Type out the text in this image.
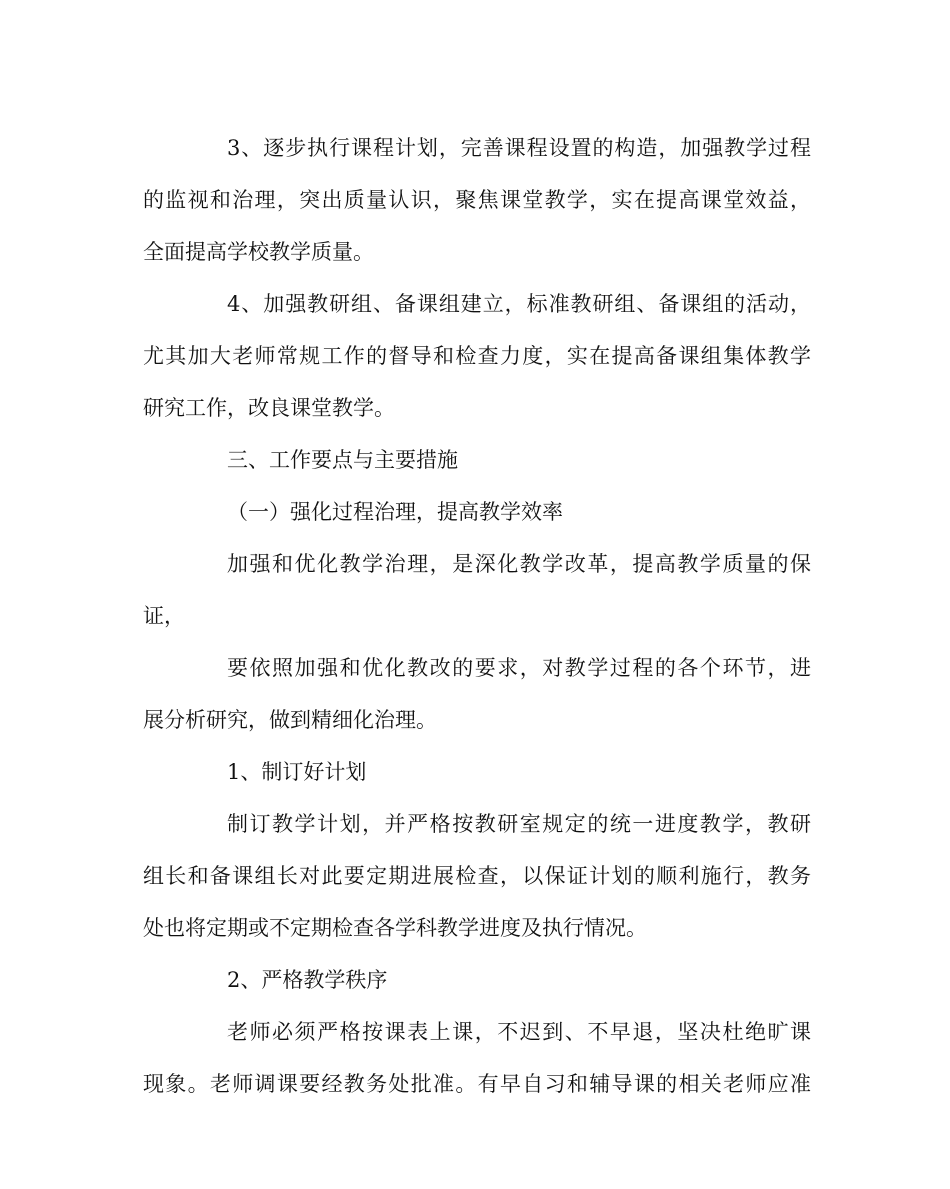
3、逐步执行课程计划，完善课程设置的构造，加强教学过程
的监视和治理，突出质量认识，聚焦课堂教学，实在提高课堂效益，
全面提高学校教学质量。
4、加强教研组、备课组建立，标准教研组、备课组的活动，
尤其加大老师常规工作的督导和检查力度，实在提高备课组集体教学
研究工作，改良课堂教学。
三、工作要点与主要措施
（一）强化过程治理，提高教学效率
加强和优化教学治理，是深化教学改革，提高教学质量的保
证，
要依照加强和优化教改的要求，对教学过程的各个环节，进
展分析研究，做到精细化治理。
1、制订好计划
制订教学计划，并严格按教研室规定的统一进度教学，教研
组长和备课组长对此要定期进展检查，以保证计划的顺利施行，教务
处也将定期或不定期检查各学科教学进度及执行情况。
2、严格教学秩序
老师必须严格按课表上课，不迟到、不早退，坚决杜绝旷课
现象。老师调课要经教务处批准。有早自习和辅导课的相关老师应准
